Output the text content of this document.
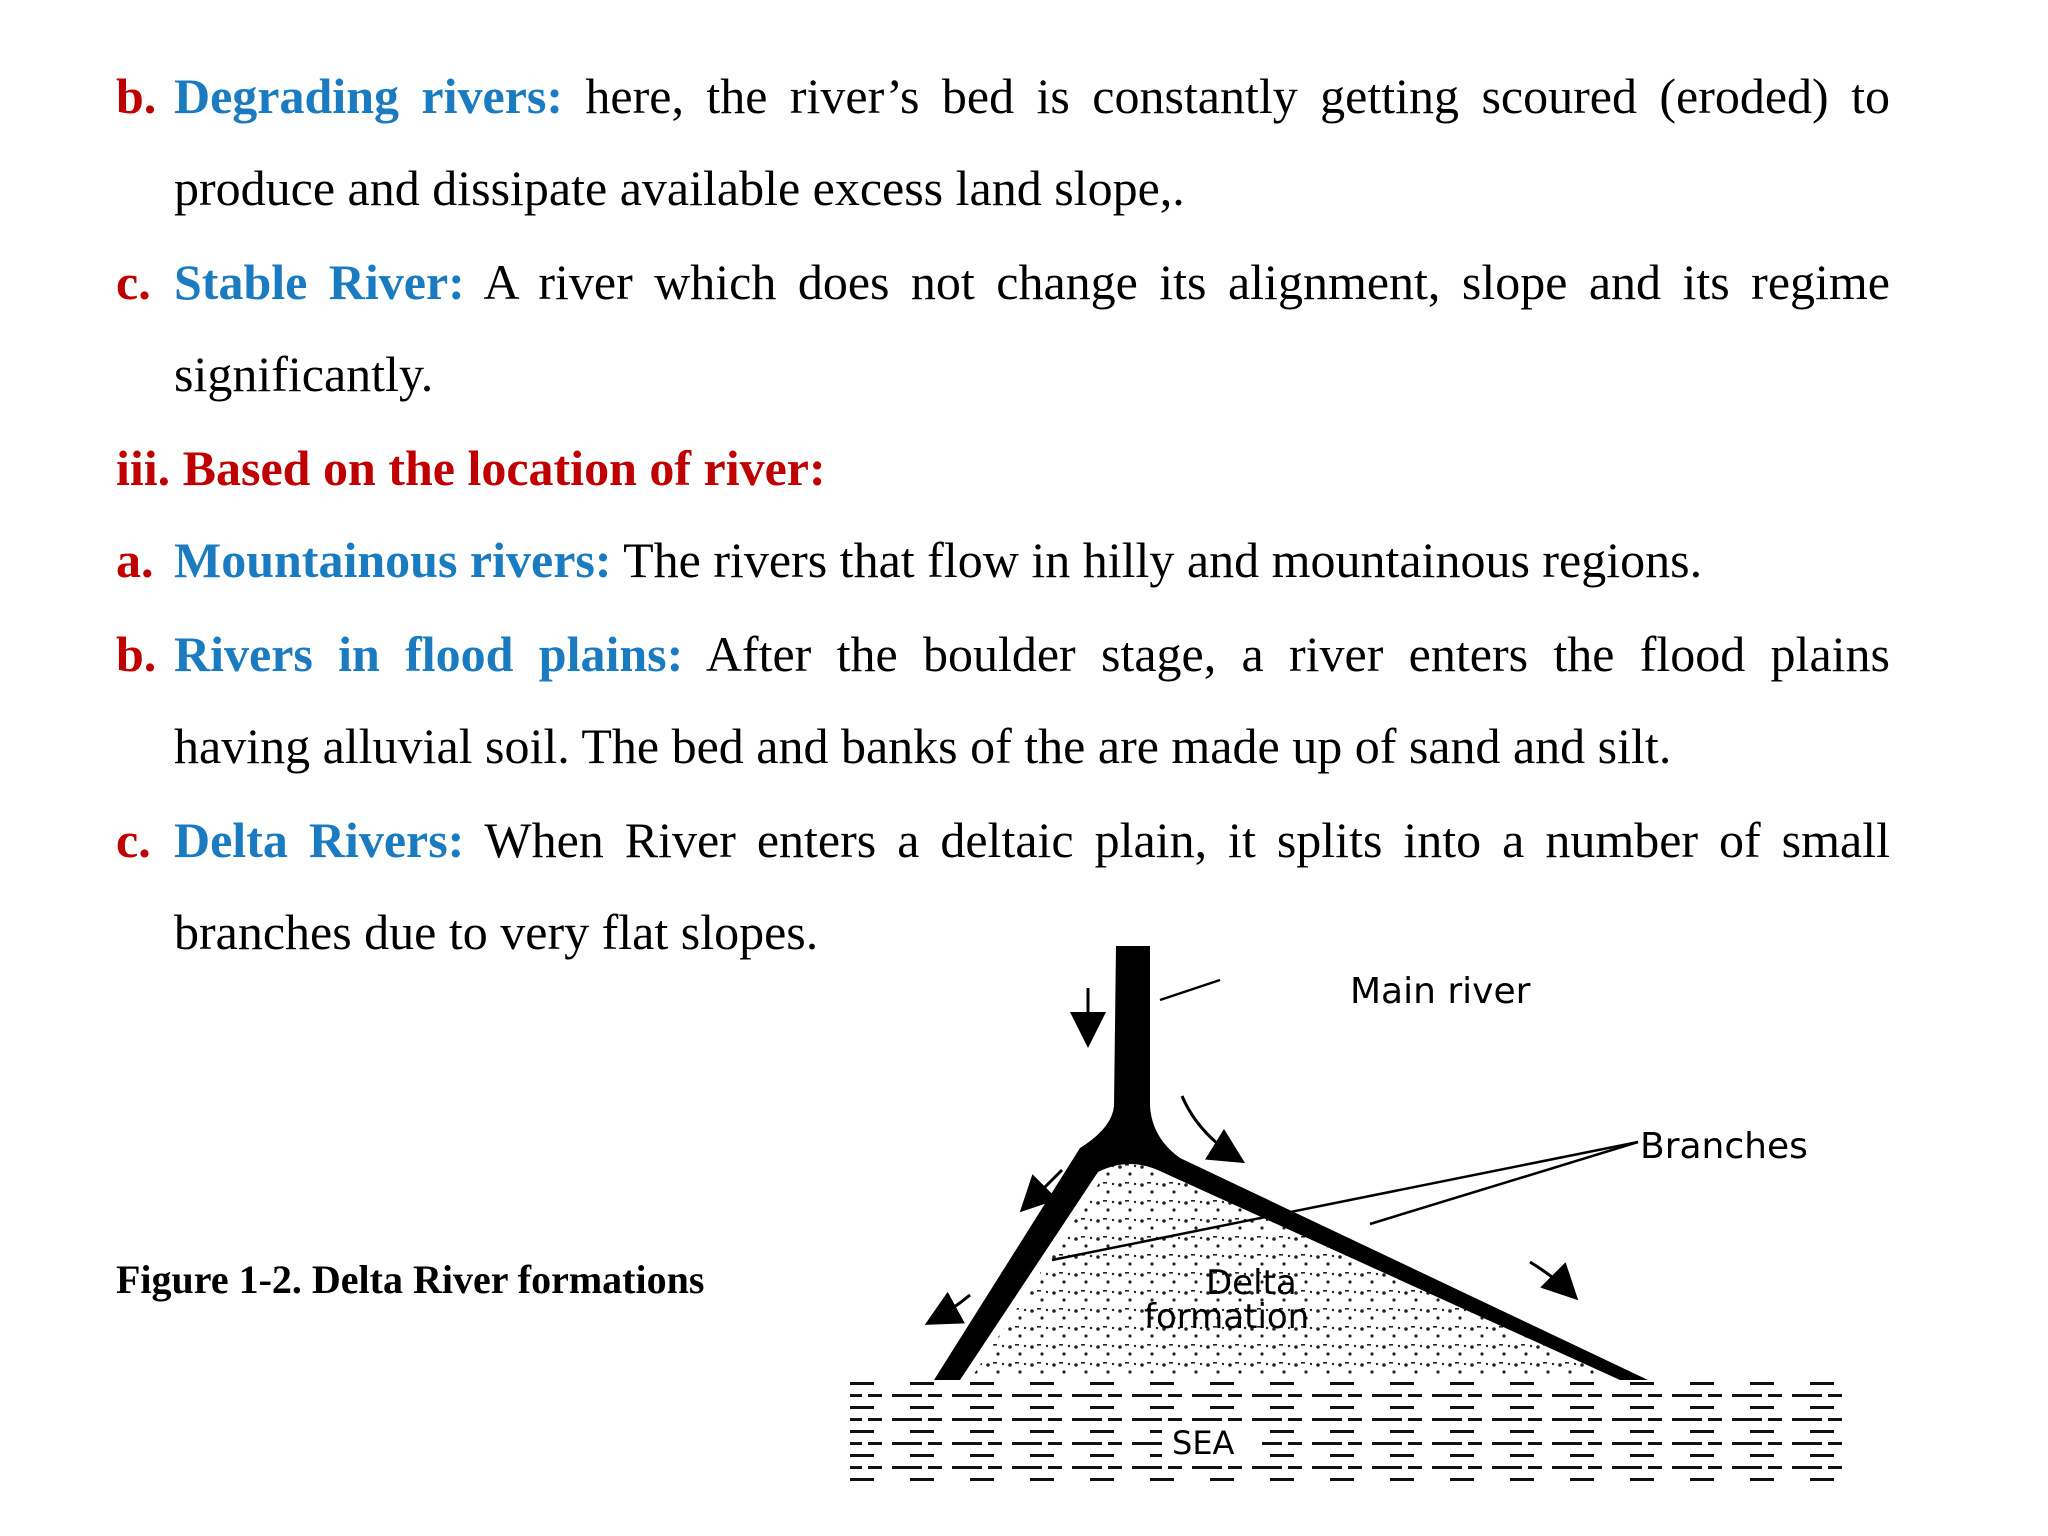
b. Degrading rivers: here, the river’s bed is constantly getting scoured (eroded) to
produce and dissipate available excess land slope,.
c. Stable River: A river which does not change its alignment, slope and its regime
significantly.
iii. Based on the location of river:
a. Mountainous rivers: The rivers that flow in hilly and mountainous regions.
b. Rivers in flood plains: After the boulder stage, a river enters the flood plains
having alluvial soil. The bed and banks of the are made up of sand and silt.
c. Delta Rivers: When River enters a deltaic plain, it splits into a number of small
branches due to very flat slopes.
Figure 1-2. Delta River formations
Main river
Branches
Delta
formation
SEA
